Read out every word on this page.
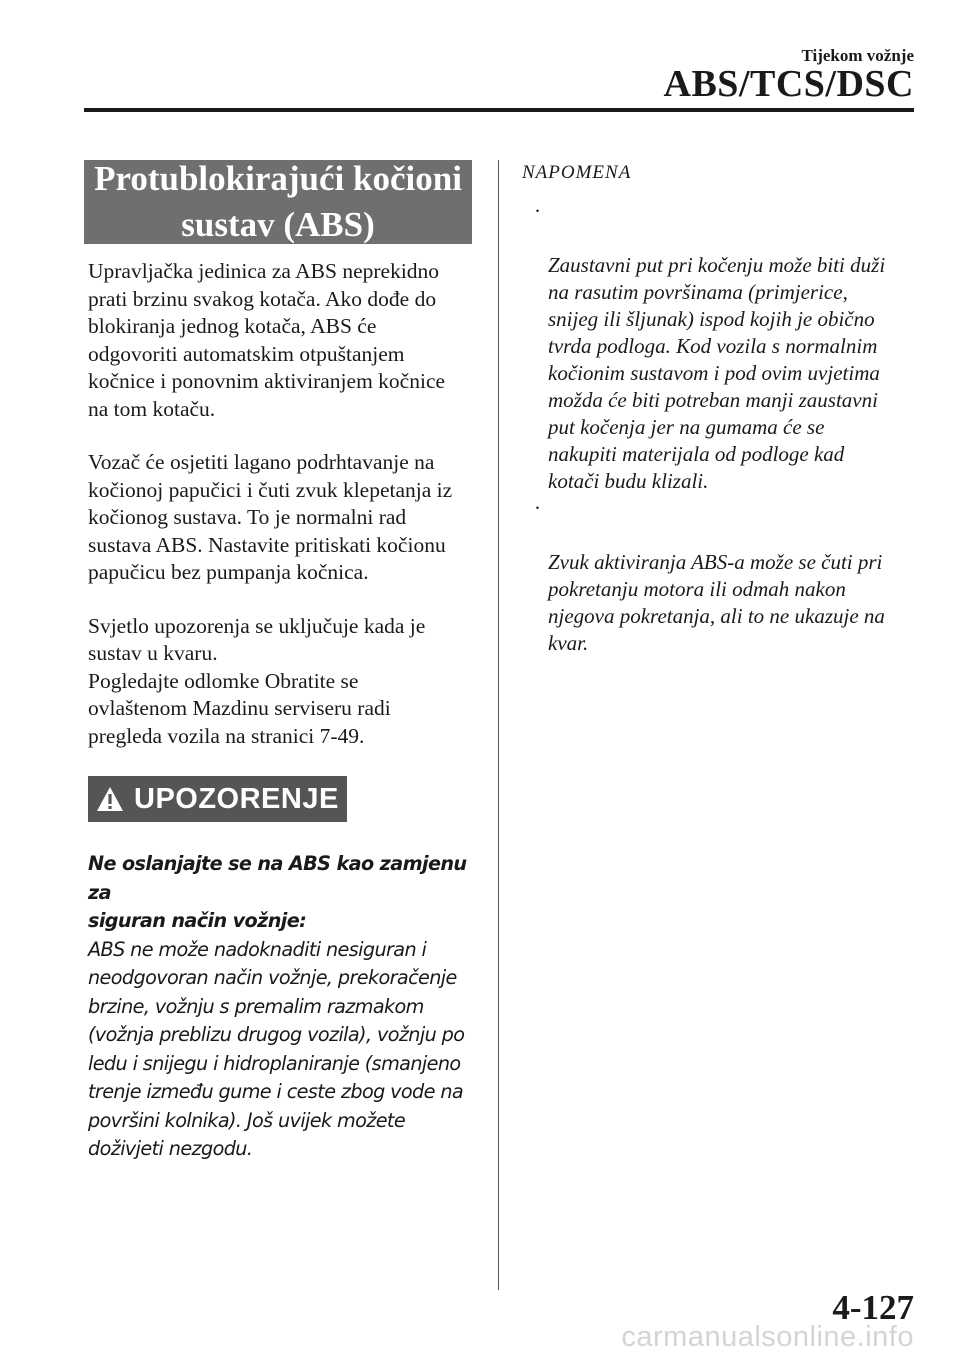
Tijekom vožnje
ABS/TCS/DSC
Protublokirajući kočioni sustav (ABS)
Upravljačka jedinica za ABS neprekidno
prati brzinu svakog kotača. Ako dođe do
blokiranja jednog kotača, ABS će
odgovoriti automatskim otpuštanjem
kočnice i ponovnim aktiviranjem kočnice
na tom kotaču.
Vozač će osjetiti lagano podrhtavanje na
kočionoj papučici i čuti zvuk klepetanja iz
kočionog sustava. To je normalni rad
sustava ABS. Nastavite pritiskati kočionu
papučicu bez pumpanja kočnica.
Svjetlo upozorenja se uključuje kada je
sustav u kvaru.
Pogledajte odlomke Obratite se
ovlaštenom Mazdinu serviseru radi
pregleda vozila na stranici 7-49.
UPOZORENJE
Ne oslanjajte se na ABS kao zamjenu za
siguran način vožnje:
ABS ne može nadoknaditi nesiguran i
neodgovoran način vožnje, prekoračenje
brzine, vožnju s premalim razmakom
(vožnja preblizu drugog vozila), vožnju po
ledu i snijegu i hidroplaniranje (smanjeno
trenje između gume i ceste zbog vode na
površini kolnika). Još uvijek možete
doživjeti nezgodu.
NAPOMENA

·

Zaustavni put pri kočenju može biti duži
na rasutim površinama (primjerice,
snijeg ili šljunak) ispod kojih je obično
tvrda podloga. Kod vozila s normalnim
kočionim sustavom i pod ovim uvjetima
možda će biti potreban manji zaustavni
put kočenja jer na gumama će se
nakupiti materijala od podloge kad
kotači budu klizali.

·

Zvuk aktiviranja ABS-a može se čuti pri
pokretanju motora ili odmah nakon
njegova pokretanja, ali to ne ukazuje na
kvar.

4-127
carmanualsonline.info
